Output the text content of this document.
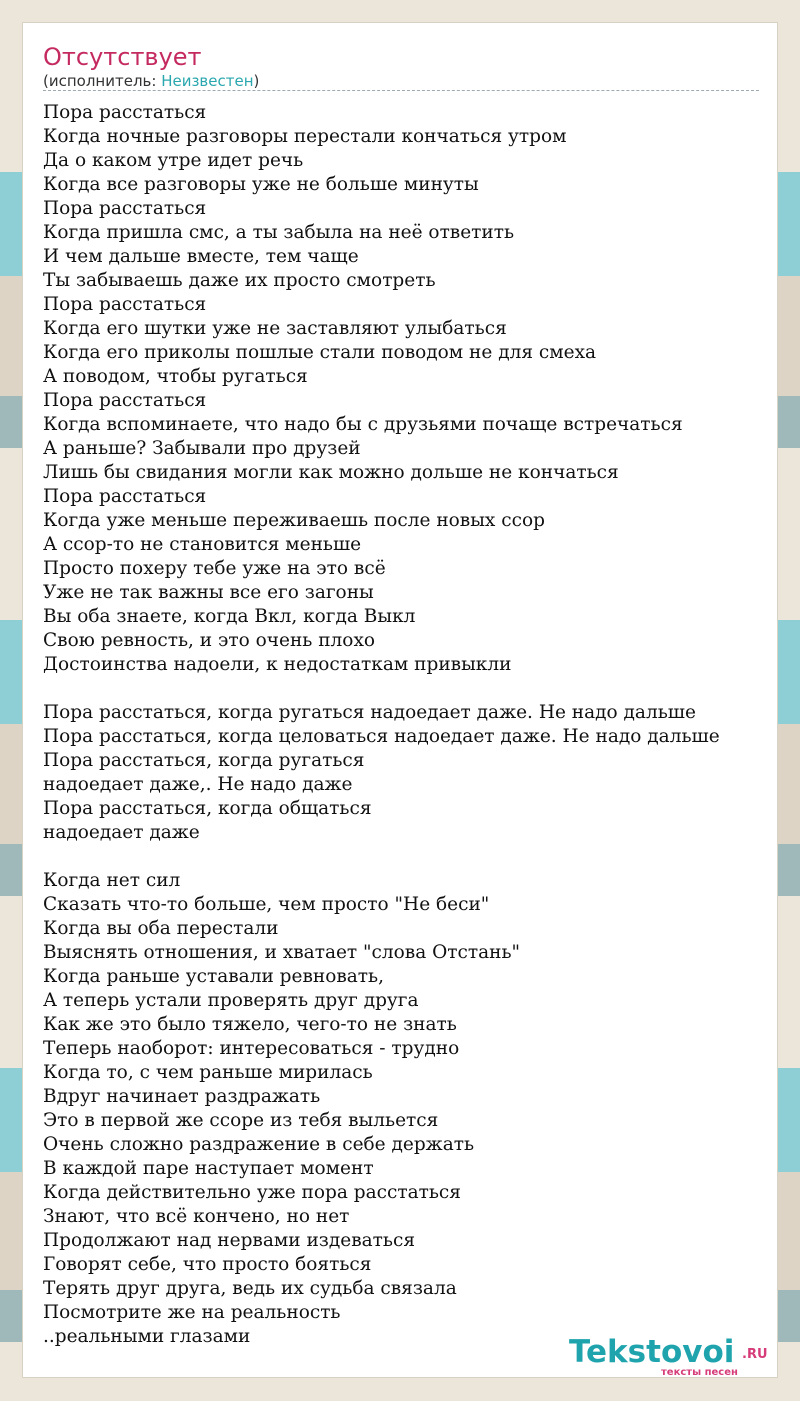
Отсутствует
(исполнитель: Неизвестен)
Пора расстаться
Когда ночные разговоры перестали кончаться утром
Да о каком утре идет речь
Когда все разговоры уже не больше минуты
Пора расстаться
Когда пришла смс, а ты забыла на неё ответить
И чем дальше вместе, тем чаще
Ты забываешь даже их просто смотреть
Пора расстаться
Когда его шутки уже не заставляют улыбаться
Когда его приколы пошлые стали поводом не для смеха
А поводом, чтобы ругаться
Пора расстаться
Когда вспоминаете, что надо бы с друзьями почаще встречаться
А раньше? Забывали про друзей
Лишь бы свидания могли как можно дольше не кончаться
Пора расстаться
Когда уже меньше переживаешь после новых ссор
А ссор-то не становится меньше
Просто похеру тебе уже на это всё
Уже не так важны все его загоны
Вы оба знаете, когда Вкл, когда Выкл
Свою ревность, и это очень плохо
Достоинства надоели, к недостаткам привыкли
Пора расстаться, когда ругаться надоедает даже. Не надо дальше
Пора расстаться, когда целоваться надоедает даже. Не надо дальше
Пора расстаться, когда ругаться
надоедает даже,. Не надо даже
Пора расстаться, когда общаться
надоедает даже
Когда нет сил
Сказать что-то больше, чем просто "Не беси"
Когда вы оба перестали
Выяснять отношения, и хватает "слова Отстань"
Когда раньше уставали ревновать,
А теперь устали проверять друг друга
Как же это было тяжело, чего-то не знать
Теперь наоборот: интересоваться - трудно
Когда то, с чем раньше мирилась
Вдруг начинает раздражать
Это в первой же ссоре из тебя выльется
Очень сложно раздражение в себе держать
В каждой паре наступает момент
Когда действительно уже пора расстаться
Знают, что всё кончено, но нет
Продолжают над нервами издеваться
Говорят себе, что просто бояться
Терять друг друга, ведь их судьба связала
Посмотрите же на реальность
..реальными глазами	Tekstovoi .RU
тексты песен
